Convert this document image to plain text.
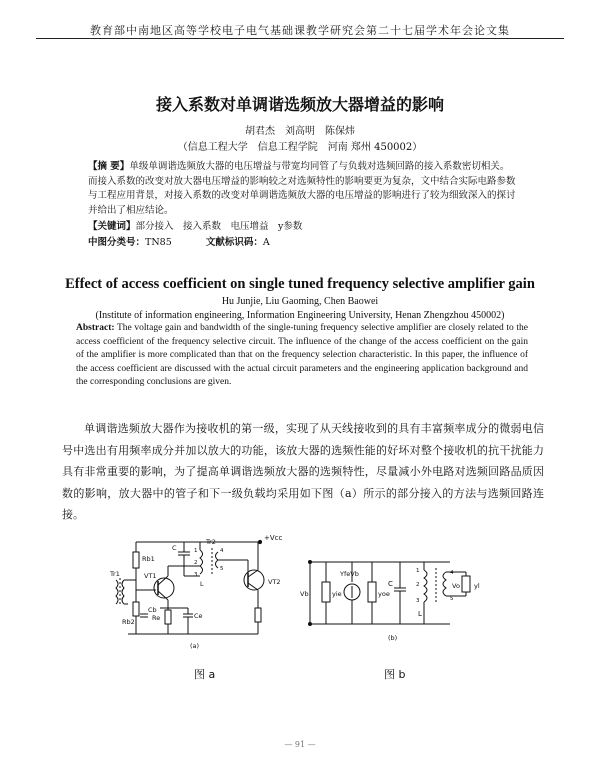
教育部中南地区高等学校电子电气基础课教学研究会第二十七届学术年会论文集
接入系数对单调谐选频放大器增益的影响
胡君杰　刘高明　陈保炜
（信息工程大学　信息工程学院　河南 郑州 450002）
【摘 要】单级单调谐选频放大器的电压增益与带宽均同管了与负载对选频回路的接入系数密切相关。而接入系数的改变对放大器电压增益的影响较之对选频特性的影响要更为复杂，文中结合实际电路参数与工程应用背景，对接入系数的改变对单调谐选频放大器的电压增益的影响进行了较为细致深入的探讨并给出了相应结论。
【关键词】部分接入　接入系数　电压增益　y参数
中图分类号：TN85	文献标识码：A
Effect of access coefficient on single tuned frequency selective amplifier gain
Hu Junjie, Liu Gaoming, Chen Baowei
(Institute of information engineering, Information Engineering University, Henan Zhengzhou 450002)
Abstract: The voltage gain and bandwidth of the single-tuning frequency selective amplifier are closely related to the access coefficient of the frequency selective circuit. The influence of the change of the access coefficient on the gain of the amplifier is more complicated than that on the frequency selection characteristic. In this paper, the influence of the access coefficient are discussed with the actual circuit parameters and the engineering application background and the corresponding conclusions are given.
单调谐选频放大器作为接收机的第一级，实现了从天线接收到的具有丰富频率成分的微弱电信号中选出有用频率成分并加以放大的功能，该放大器的选频性能的好坏对整个接收机的抗干扰能力具有非常重要的影响，为了提高单调谐选频放大器的选频特性，尽量减小外电路对选频回路品质因数的影响，放大器中的管子和下一级负载均采用如下图（a）所示的部分接入的方法与选频回路连接。
+Vcc
Rb1
Tr1
Rb2
Cb
VT1
Re	Ce
C
L
Tr2
1
2
3
4
5
VT2
(a)
Vb	yie
YfeVb
yoe
C
L
1
2
3
4
5
Vo yl
(b)
图 a	图 b
— 91 —
